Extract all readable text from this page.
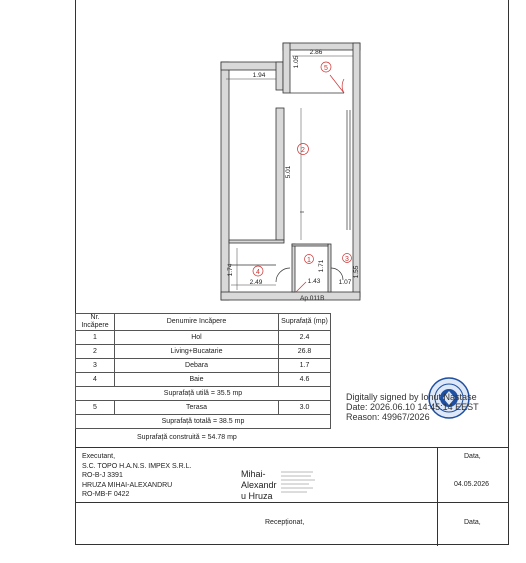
2.86
1.05
1.94
5.01
1.71	1.55
1.43	1.07
1.74
2.49
Ap.011B
5
2
1	3
4
Nr. Incăpere	Denumire Incăpere	Suprafață (mp)
1	Hol	2.4
2	Living+Bucatarie	26.8
3	Debara	1.7
4	Baie	4.6
Suprafață utilă = 35.5 mp		
5	Terasa	3.0
Suprafață totală = 38.5 mp		
Suprafață construită = 54.78 mp
Digitally signed by Ionut Nastase
Date: 2026.06.10 14:45:14 EEST
Reason: 49967/2026
Executant,
S.C. TOPO H.A.N.S. IMPEX S.R.L.
RO-B-J 3391
HRUZA MIHAI-ALEXANDRU
RO-MB-F 0422
Mihai-
Alexandr
u Hruza
Data,
04.05.2026
Recepționat,	Data,
